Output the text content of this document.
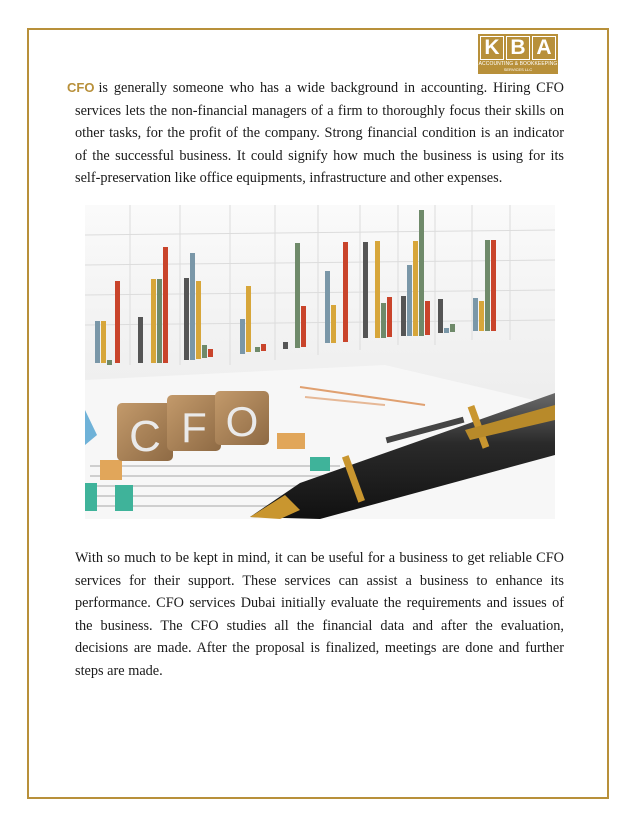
K B A
ACCOUNTING & BOOKKEEPING
SERVICES LLC
CFO is generally someone who has a wide background in accounting. Hiring CFO services lets the non-financial managers of a firm to thoroughly focus their skills on other tasks, for the profit of the company. Strong financial condition is an indicator of the successful business. It could signify how much the business is using for its self-preservation like office equipments, infrastructure and other expenses.
C F O
With so much to be kept in mind, it can be useful for a business to get reliable CFO services for their support. These services can assist a business to enhance its performance. CFO services Dubai initially evaluate the requirements and issues of the business. The CFO studies all the financial data and after the evaluation, decisions are made. After the proposal is finalized, meetings are done and further steps are made.
